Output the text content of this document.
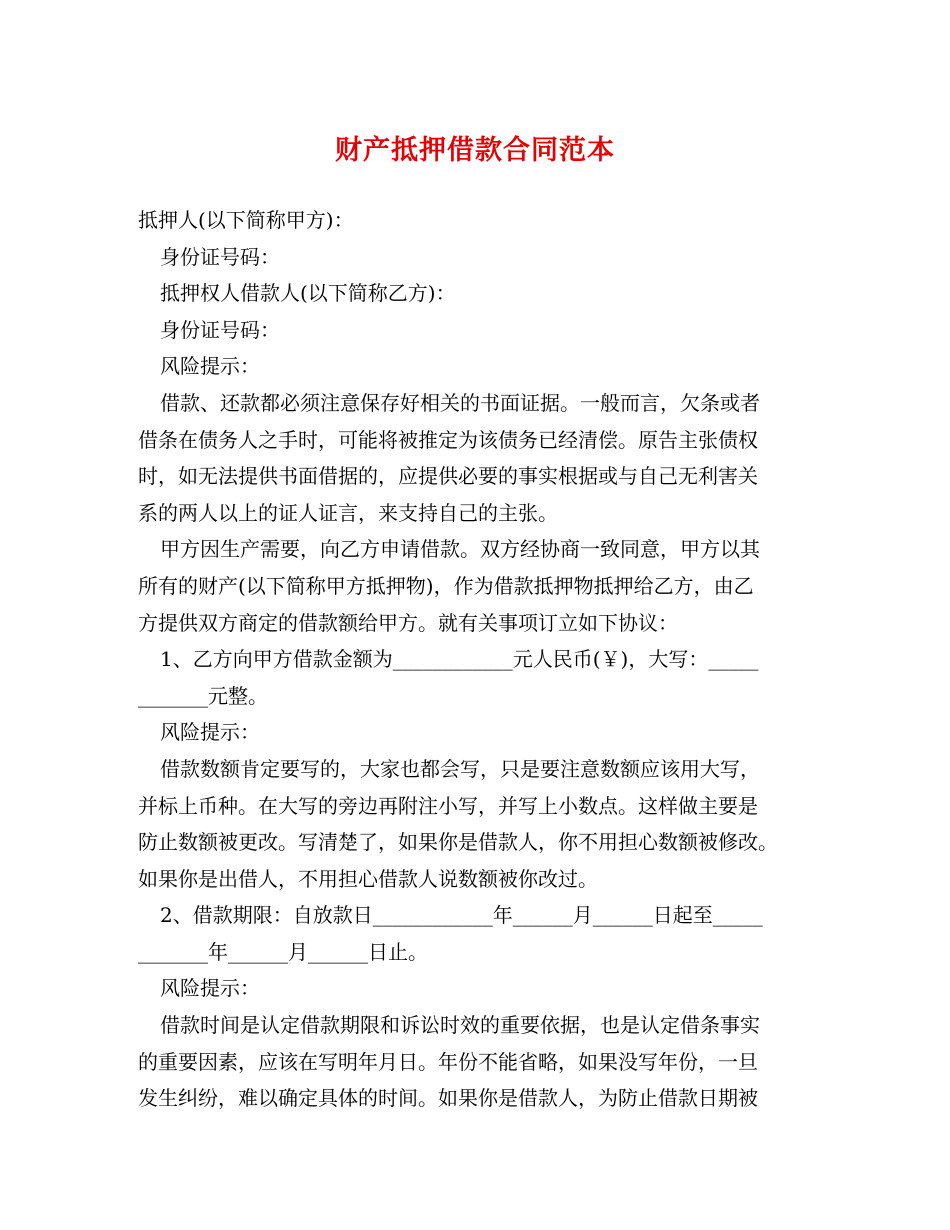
财产抵押借款合同范本
抵押人(以下简称甲方)：
身份证号码：
抵押权人借款人(以下简称乙方)：
身份证号码：
风险提示：
借款、还款都必须注意保存好相关的书面证据。一般而言，欠条或者
借条在债务人之手时，可能将被推定为该债务已经清偿。原告主张债权
时，如无法提供书面借据的，应提供必要的事实根据或与自己无利害关
系的两人以上的证人证言，来支持自己的主张。
甲方因生产需要，向乙方申请借款。双方经协商一致同意，甲方以其
所有的财产(以下简称甲方抵押物)，作为借款抵押物抵押给乙方，由乙
方提供双方商定的借款额给甲方。就有关事项订立如下协议：
1、乙方向甲方借款金额为____________元人民币(￥)，大写：_____
_______元整。
风险提示：
借款数额肯定要写的，大家也都会写，只是要注意数额应该用大写，
并标上币种。在大写的旁边再附注小写，并写上小数点。这样做主要是
防止数额被更改。写清楚了，如果你是借款人，你不用担心数额被修改。
如果你是出借人，不用担心借款人说数额被你改过。
2、借款期限：自放款日____________年______月______日起至_____
_______年______月______日止。
风险提示：
借款时间是认定借款期限和诉讼时效的重要依据，也是认定借条事实
的重要因素，应该在写明年月日。年份不能省略，如果没写年份，一旦
发生纠纷，难以确定具体的时间。如果你是借款人，为防止借款日期被
